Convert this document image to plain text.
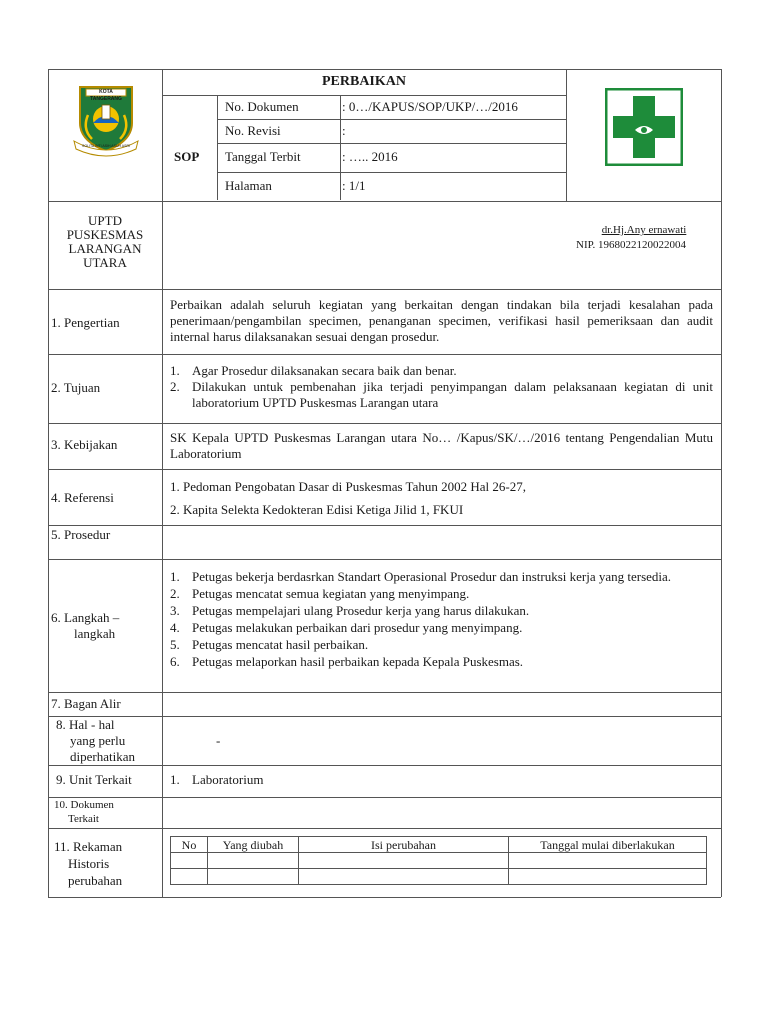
KOTA TANGERANG
SOLITA INTI ASIH ASUH ASRI
PERBAIKAN
SOP
No. Dokumen	: 0…/KAPUS/SOP/UKP/…/2016
No. Revisi	:
Tanggal Terbit	: ….. 2016
Halaman	: 1/1
UPTD
PUSKESMAS
LARANGAN
UTARA
dr.Hj.Any ernawati
NIP. 1968022120022004
1. Pengertian
Perbaikan adalah seluruh kegiatan yang berkaitan dengan tindakan bila terjadi kesalahan pada penerimaan/pengambilan specimen, penanganan specimen, verifikasi hasil pemeriksaan dan audit internal harus dilaksanakan sesuai dengan prosedur.
2. Tujuan
1. Agar Prosedur dilaksanakan secara baik dan benar.
2. Dilakukan untuk pembenahan jika terjadi penyimpangan dalam pelaksanaan kegiatan di unit laboratorium UPTD Puskesmas Larangan utara
3. Kebijakan	SK Kepala UPTD Puskesmas Larangan utara No… /Kapus/SK/…/2016 tentang Pengendalian Mutu Laboratorium
4. Referensi
1. Pedoman Pengobatan Dasar di Puskesmas Tahun 2002 Hal 26-27,
2. Kapita Selekta Kedokteran Edisi Ketiga Jilid 1, FKUI
5. Prosedur
6. Langkah –
langkah
1. Petugas bekerja berdasrkan Standart Operasional Prosedur dan instruksi kerja yang tersedia.
2. Petugas mencatat semua kegiatan yang menyimpang.
3. Petugas mempelajari ulang Prosedur kerja yang harus dilakukan.
4. Petugas melakukan perbaikan dari prosedur yang menyimpang.
5. Petugas mencatat hasil perbaikan.
6. Petugas melaporkan hasil perbaikan kepada Kepala Puskesmas.
7. Bagan Alir
8. Hal - hal
yang perlu
diperhatikan
-
9. Unit Terkait	1. Laboratorium
10. Dokumen
Terkait
11. Rekaman
Historis
perubahan
No	Yang diubah	Isi perubahan	Tanggal mulai diberlakukan
